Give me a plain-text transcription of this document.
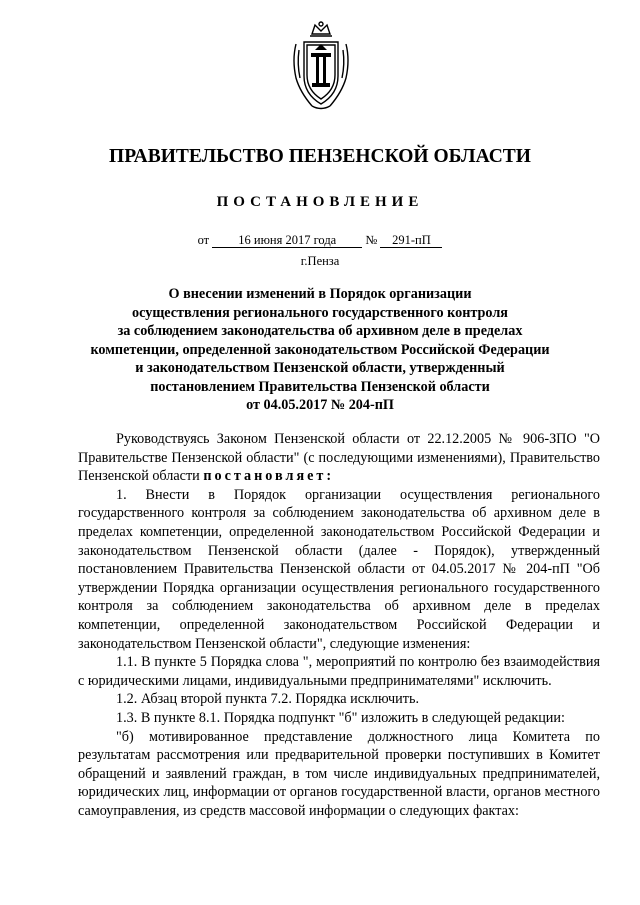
ПРАВИТЕЛЬСТВО ПЕНЗЕНСКОЙ ОБЛАСТИ
ПОСТАНОВЛЕНИЕ
от 16 июня 2017 года № 291-пП
г.Пенза
О внесении изменений в Порядок организации
осуществления регионального государственного контроля
за соблюдением законодательства об архивном деле в пределах
компетенции, определенной законодательством Российской Федерации
и законодательством Пензенской области, утвержденный
постановлением Правительства Пензенской области
от 04.05.2017 № 204-пП

Руководствуясь Законом Пензенской области от 22.12.2005 № 906-ЗПО "О Правительстве Пензенской области" (с последующими изменениями), Правительство Пензенской области постановляет:

1. Внести в Порядок организации осуществления регионального государственного контроля за соблюдением законодательства об архивном деле в пределах компетенции, определенной законодательством Российской Федерации и законодательством Пензенской области (далее - Порядок), утвержденный постановлением Правительства Пензенской области от 04.05.2017 № 204-пП "Об утверждении Порядка организации осуществления регионального государственного контроля за соблюдением законодательства об архивном деле в пределах компетенции, определенной законодательством Российской Федерации и законодательством Пензенской области", следующие изменения:

1.1. В пункте 5 Порядка слова ", мероприятий по контролю без взаимодействия с юридическими лицами, индивидуальными предпринимателями" исключить.

1.2. Абзац второй пункта 7.2. Порядка исключить.

1.3. В пункте 8.1. Порядка подпункт "б" изложить в следующей редакции:

"б) мотивированное представление должностного лица Комитета по результатам рассмотрения или предварительной проверки поступивших в Комитет обращений и заявлений граждан, в том числе индивидуальных предпринимателей, юридических лиц, информации от органов государственной власти, органов местного самоуправления, из средств массовой информации о следующих фактах:
